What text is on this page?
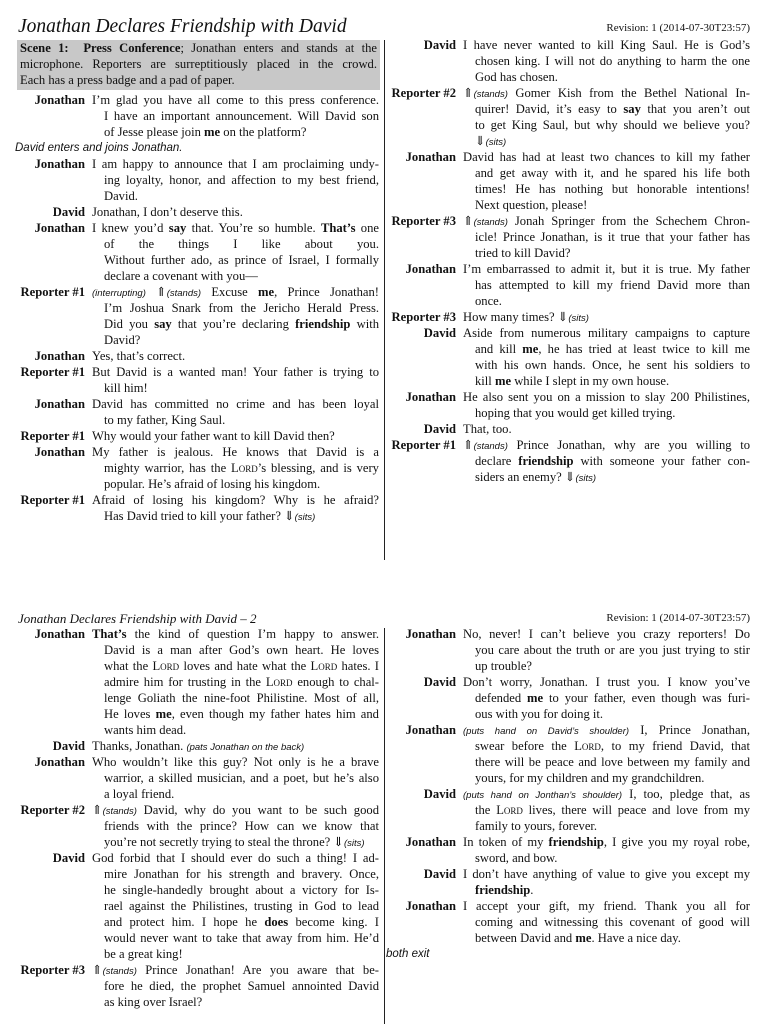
Jonathan Declares Friendship with David	Revision: 1 (2014-07-30T23:57)
Scene 1:  Press Conference; Jonathan enters and stands at the
microphone. Reporters are surreptitiously placed in the crowd.
Each has a press badge and a pad of paper.
Jonathan Declares Friendship with David – 2	Revision: 1 (2014-07-30T23:57)
Jonathan I’m glad you have all come to this press conference.
I have an important announcement. Will David son
of Jesse please join me on the platform?
David enters and joins Jonathan.
Jonathan I am happy to announce that I am proclaiming undy-
ing loyalty, honor, and affection to my best friend,
David.
David Jonathan, I don’t deserve this.
Jonathan I knew you’d say that. You’re so humble. That’s one
of the things I like about you.
Without further ado, as prince of Israel, I formally
declare a covenant with you—
Reporter #1 (interrupting) ⇑(stands) Excuse me, Prince Jonathan!
I’m Joshua Snark from the Jericho Herald Press.
Did you say that you’re declaring friendship with
David?
Jonathan Yes, that’s correct.
Reporter #1 But David is a wanted man! Your father is trying to
kill him!
Jonathan David has committed no crime and has been loyal
to my father, King Saul.
Reporter #1 Why would your father want to kill David then?
Jonathan My father is jealous. He knows that David is a
mighty warrior, has the Lord’s blessing, and is very
popular. He’s afraid of losing his kingdom.
Reporter #1 Afraid of losing his kingdom? Why is he afraid?
Has David tried to kill your father? ⇓(sits)
David I have never wanted to kill King Saul. He is God’s
chosen king. I will not do anything to harm the one
God has chosen.
Reporter #2 ⇑(stands) Gomer Kish from the Bethel National In-
quirer! David, it’s easy to say that you aren’t out
to get King Saul, but why should we believe you?
⇓(sits)
Jonathan David has had at least two chances to kill my father
and get away with it, and he spared his life both
times! He has nothing but honorable intentions!
Next question, please!
Reporter #3 ⇑(stands) Jonah Springer from the Schechem Chron-
icle! Prince Jonathan, is it true that your father has
tried to kill David?
Jonathan I’m embarrassed to admit it, but it is true. My father
has attempted to kill my friend David more than
once.
Reporter #3 How many times? ⇓(sits)
David Aside from numerous military campaigns to capture
and kill me, he has tried at least twice to kill me
with his own hands. Once, he sent his soldiers to
kill me while I slept in my own house.
Jonathan He also sent you on a mission to slay 200 Philistines,
hoping that you would get killed trying.
David That, too.
Reporter #1 ⇑(stands) Prince Jonathan, why are you willing to
declare friendship with someone your father con-
siders an enemy? ⇓(sits)
Jonathan That’s the kind of question I’m happy to answer.
David is a man after God’s own heart. He loves
what the Lord loves and hate what the Lord hates. I
admire him for trusting in the Lord enough to chal-
lenge Goliath the nine-foot Philistine. Most of all,
He loves me, even though my father hates him and
wants him dead.
David Thanks, Jonathan. (pats Jonathan on the back)
Jonathan Who wouldn’t like this guy? Not only is he a brave
warrior, a skilled musician, and a poet, but he’s also
a loyal friend.
Reporter #2 ⇑(stands) David, why do you want to be such good
friends with the prince? How can we know that
you’re not secretly trying to steal the throne? ⇓(sits)
David God forbid that I should ever do such a thing! I ad-
mire Jonathan for his strength and bravery. Once,
he single-handedly brought about a victory for Is-
rael against the Philistines, trusting in God to lead
and protect him. I hope he does become king. I
would never want to take that away from him. He’d
be a great king!
Reporter #3 ⇑(stands) Prince Jonathan! Are you aware that be-
fore he died, the prophet Samuel annointed David
as king over Israel?
Jonathan No, never! I can’t believe you crazy reporters! Do
you care about the truth or are you just trying to stir
up trouble?
David Don’t worry, Jonathan. I trust you. I know you’ve
defended me to your father, even though was furi-
ous with you for doing it.
Jonathan (puts hand on David’s shoulder) I, Prince Jonathan,
swear before the Lord, to my friend David, that
there will be peace and love between my family and
yours, for my children and my grandchildren.
David (puts hand on Jonthan’s shoulder) I, too, pledge that, as
the Lord lives, there will peace and love from my
family to yours, forever.
Jonathan In token of my friendship, I give you my royal robe,
sword, and bow.
David I don’t have anything of value to give you except my
friendship.
Jonathan I accept your gift, my friend. Thank you all for
coming and witnessing this covenant of good will
between David and me. Have a nice day.
both exit
